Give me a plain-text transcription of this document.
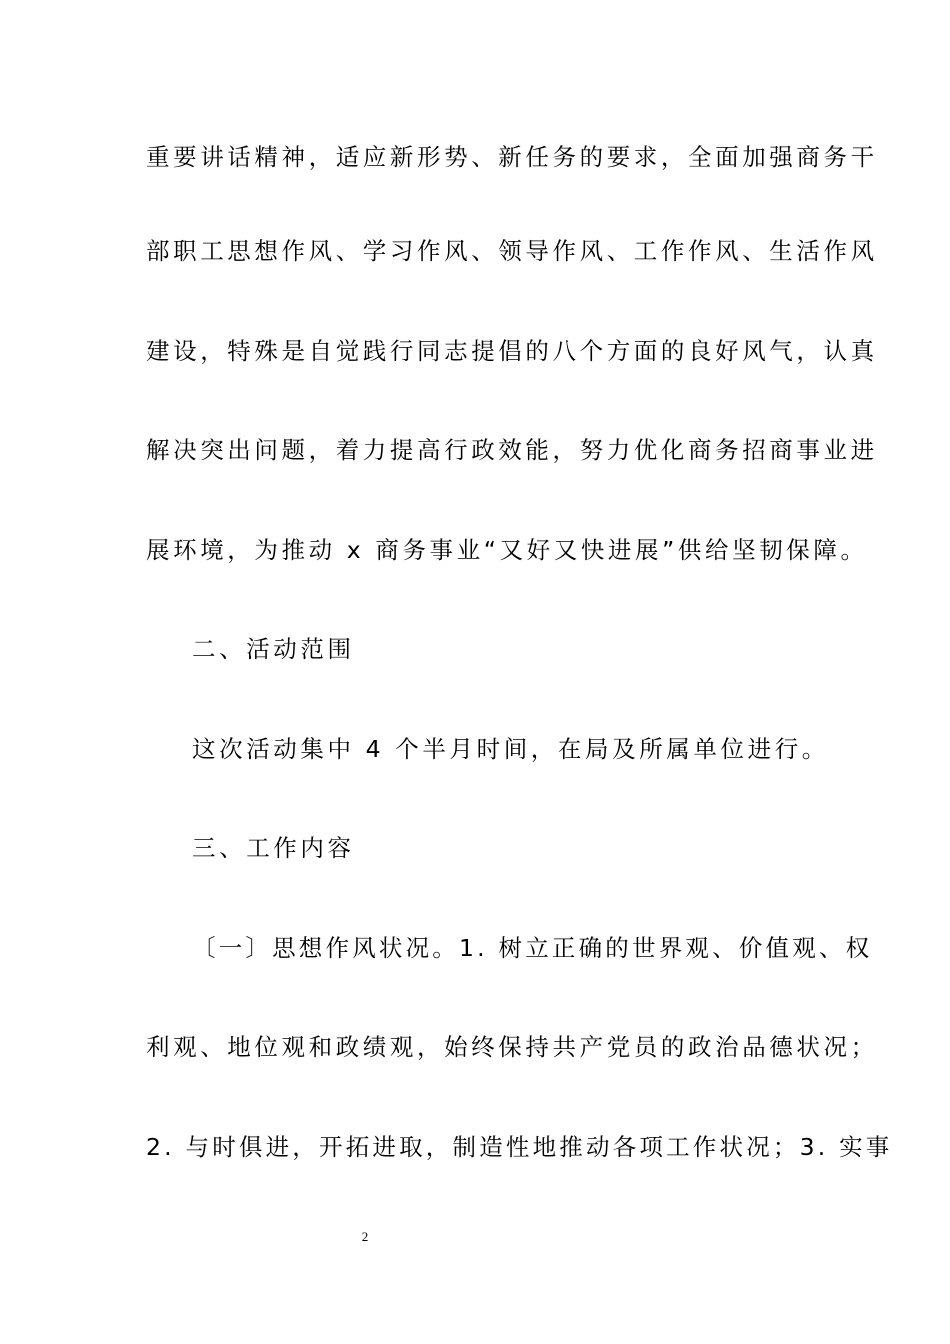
重要讲话精神，适应新形势、新任务的要求，全面加强商务干
部职工思想作风、学习作风、领导作风、工作作风、生活作风
建设，特殊是自觉践行同志提倡的八个方面的良好风气，认真
解决突出问题，着力提高行政效能，努力优化商务招商事业进
展环境，为推动 x 商务事业“又好又快进展”供给坚韧保障。
二、活动范围
这次活动集中 4 个半月时间，在局及所属单位进行。
三、工作内容
〔一〕思想作风状况。1. 树立正确的世界观、价值观、权
利观、地位观和政绩观，始终保持共产党员的政治品德状况；
2. 与时俱进，开拓进取，制造性地推动各项工作状况；3. 实事
2
